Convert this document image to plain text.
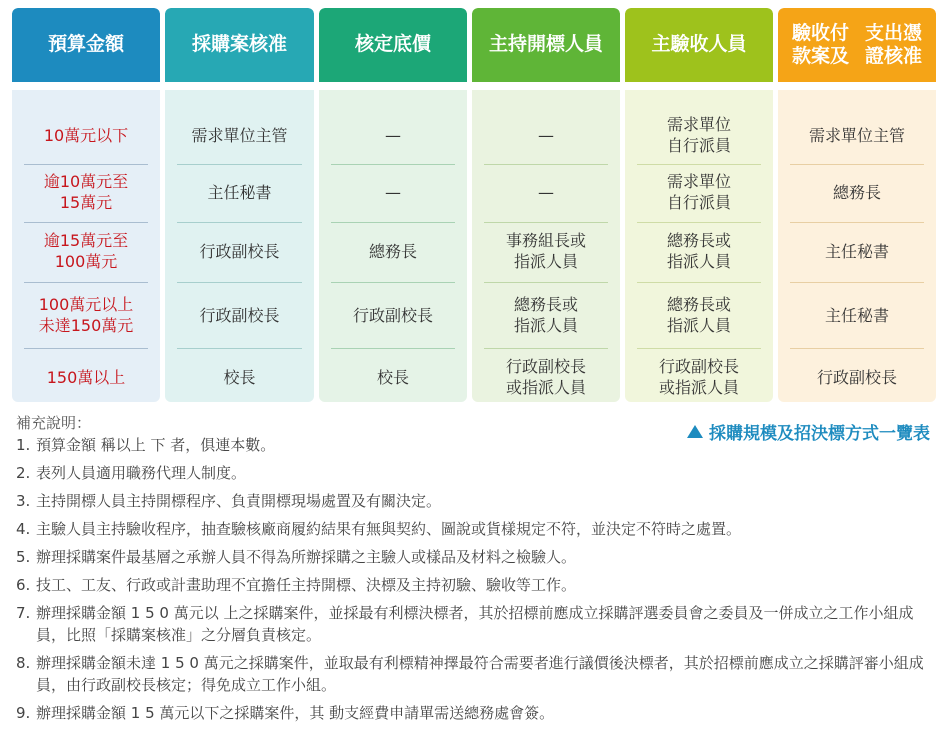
預算金額
10萬元以下
逾10萬元至
15萬元
逾15萬元至
100萬元
100萬元以上
未達150萬元
150萬以上
採購案核准
需求單位主管
主任秘書
行政副校長
行政副校長
校長
核定底價
—
—
總務長
行政副校長
校長
主持開標人員
—
—
事務組長或
指派人員
總務長或
指派人員
行政副校長
或指派人員
主驗收人員
需求單位
自行派員
需求單位
自行派員
總務長或
指派人員
總務長或
指派人員
行政副校長
或指派人員
驗收付款案及
支出憑證核准
需求單位主管
總務長
主任秘書
主任秘書
行政副校長
採購規模及招決標方式一覽表
補充說明：
1. 預算金額 稱以上 下 者，俱連本數。
2. 表列人員適用職務代理人制度。
3. 主持開標人員主持開標程序、負責開標現場處置及有關決定。
4. 主驗人員主持驗收程序，抽查驗核廠商履約結果有無與契約、圖說或貨樣規定不符，並決定不符時之處置。
5. 辦理採購案件最基層之承辦人員不得為所辦採購之主驗人或樣品及材料之檢驗人。
6. 技工、工友、行政或計畫助理不宜擔任主持開標、決標及主持初驗、驗收等工作。
7. 辦理採購金額 1 5 0 萬元以 上之採購案件，並採最有利標決標者，其於招標前應成立採購評選委員會之委員及一併成立之工作小組成員，比照「採購案核准」之分層負責核定。
8. 辦理採購金額未達 1 5 0 萬元之採購案件，並取最有利標精神擇最符合需要者進行議價後決標者，其於招標前應成立之採購評審小組成員，由行政副校長核定；得免成立工作小組。
9. 辦理採購金額 1 5 萬元以下之採購案件，其 動支經費申請單需送總務處會簽。
